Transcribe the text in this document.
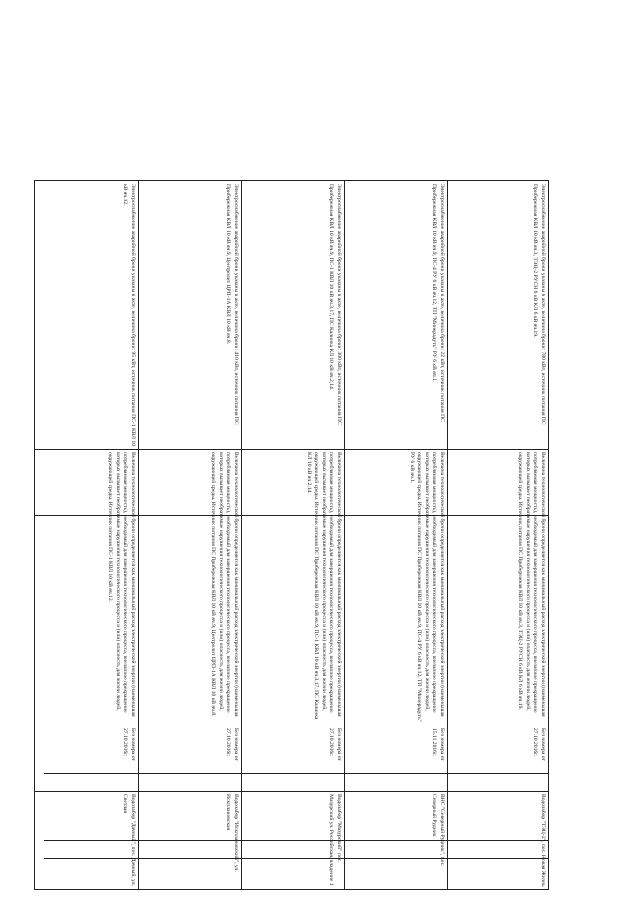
Электроснабжение аварийной брони указаны в акте, величина брони: 95 кВт, источник питания ПС-1 КВЛ 10 кВ яч.12.
Величина технологической брони определяется как минимальный расход электрической энергии (наименьшая потребляемая мощность), необходимый для завершения технологического процесса, внезапное прекращение которых вызывает необратимые нарушения технологического процесса и (или) опасность для жизни людей, окружающей среды. Источник питания ПС-1 КВЛ 10 кВ яч.12.
Без номера от 27.10.2016г.
Водозабор "Дачный", пос. Дачный, ул. Светлая
Электроснабжение аварийной брони указаны в акте, величина брони: 410 кВт, источник питания ПС Прибережная КВЛ 10 кВ яч.9, Центролит ЦРП-1А КВЛ 10 кВ яч.8.
Величина технологической брони определяется как минимальный расход электрической энергии (наименьшая потребляемая мощность), необходимый для завершения технологического процесса, внезапное прекращение которых вызывает необратимые нарушения технологического процесса и (или) опасность для жизни людей, окружающей среды. Источник питания ПС Прибережная КВЛ 10 кВ яч.9, Центролит ЦРП-1А КВЛ 10 кВ яч.8.
Без номера от 27.10.2016г.
Водозабор "Искплановский", ул. Искплановская
Электроснабжение аварийной брони указаны в акте, величина брони: 300 кВт, источник питания ПС Прибережная КВЛ 10 кВ яч.9, ПС-1 КВЛ 10 кВ яч.3,17, ПС Калинка КЛ 10 кВ яч.2,14.
Величина технологической брони определяется как минимальный расход электрической энергии (наименьшая потребляемая мощность), необходимый для завершения технологического процесса, внезапное прекращение которых вызывает необратимые нарушения технологического процесса и (или) опасность для жизни людей, окружающей среды. Источник питания ПС Прибережная КВЛ 10 кВ яч.9, ПС-1 КВЛ 10 кВ яч.3,17, ПС Калинка КЛ 10 кВ яч.2,14.
Без номера от 27.10.2016г.
Водозабор "Мазурский" пос. Мазурский ул. Российская, владение 1
Электроснабжение аварийной брони указаны в акте, величина брони: 22 кВт, источник питания ПС Прибережная КВЛ 10 кВ яч.9, ПС-4 РУ 6 кВ яч.12, ТП "Минерадуть" РУ 6 кВ яч.1.
Величина технологической брони определяется как минимальный расход электрической энергии (наименьшая потребляемая мощность), необходимый для завершения технологического процесса, внезапное прекращение которых вызывает необратимые нарушения технологического процесса и (или) опасность для жизни людей, окружающей среды. Источник питания ПС Прибережная КВЛ 10 кВ яч.9, ПС-4 РУ 6 кВ яч.12, ТП "Минерадуть" РУ 6 кВ яч.1.
Без номера от 15.11.2016г.
ВНС "Северный Рудник", пос. Северный Рудник
Электроснабжение аварийной брони указаны в акте, величина брони: 780 кВт, источник питания ПС Прибережная КВЛ 10 кВ яч.3, ТЭЦ-2 РУСН 6 кВ КЛ 6 кВ яч.19.
Величина технологической брони определяется как минимальный расход электрической энергии (наименьшая потребляемая мощность), необходимый для завершения технологического процесса, внезапное прекращение которых вызывает необратимые нарушения технологического процесса и (или) опасность для жизни людей, окружающей среды. Источник питания ПС Прибережная КВЛ 10 кВ яч.3, ТЭЦ-2 РУСН 6 кВ КЛ 6 кВ яч.19.
Без номера от 27.10.2016г.
Водозабор "ТЭЦ-2", пос. Новая Жизнь
